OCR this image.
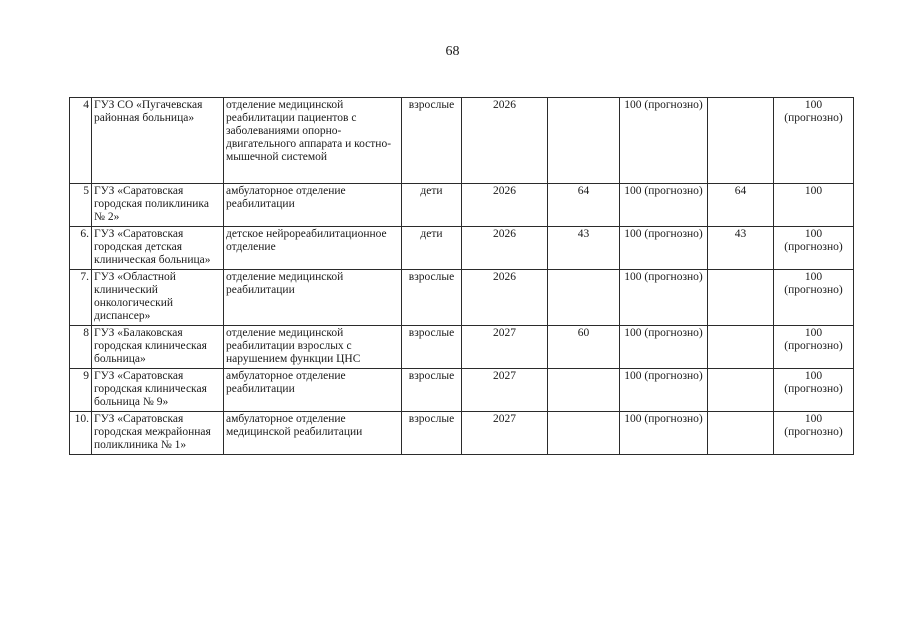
68
4	ГУЗ СО «Пугачевская районная больница»	отделение медицинской реабилитации пациентов с заболеваниями опорно-двигательного аппарата и костно-мышечной системой	взрослые	2026		100 (прогнозно)		100 (прогнозно)
5	ГУЗ «Саратовская городская поликлиника № 2»	амбулаторное отделение реабилитации	дети	2026	64	100 (прогнозно)	64	100
6.	ГУЗ «Саратовская городская детская клиническая больница»	детское нейрореабилитационное отделение	дети	2026	43	100 (прогнозно)	43	100 (прогнозно)
7.	ГУЗ «Областной клинический онкологический диспансер»	отделение медицинской реабилитации	взрослые	2026		100 (прогнозно)		100 (прогнозно)
8	ГУЗ «Балаковская городская клиническая больница»	отделение медицинской реабилитации взрослых с нарушением функции ЦНС	взрослые	2027	60	100 (прогнозно)		100 (прогнозно)
9	ГУЗ «Саратовская городская клиническая больница № 9»	амбулаторное отделение реабилитации	взрослые	2027		100 (прогнозно)		100 (прогнозно)
10.	ГУЗ «Саратовская городская межрайонная поликлиника № 1»	амбулаторное отделение медицинской реабилитации	взрослые	2027		100 (прогнозно)		100 (прогнозно)
